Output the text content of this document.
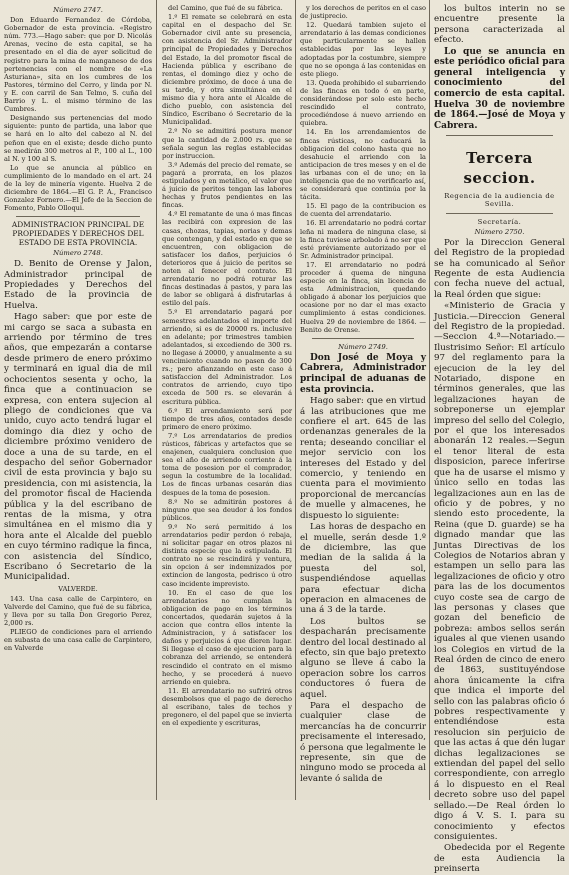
Número 2747.

Don Eduardo Fernandez de Córdoba, Gobernador de esta provincia. «Registro núm. 773.—Hago saber: que por D. Nicolás Arenas, vecino de esta capital, se ha presentado en el dia de ayer solicitud de registro para la mina de manganeso de dos pertenencias con el nombre de «La Asturiana», sita en los cumbres de los Pastores, término del Cerro, y linda por N. y E. con carril de San Telmo, S. cuña del Barrio y L. el mismo término de las Cumbres.

Designando sus pertenencias del modo siguiente: punto de partida, una labor que se hará en lo alto del cabezo al N. del peñon que en el existe; desde dicho punto se medirán 300 metros al P., 100 al L., 100 al N. y 100 al S.

Lo que se anuncia al público en cumplimiento de lo mandado en el art. 24 de la ley de minería vigente. Huelva 2 de diciembre de 1864.—El G. P. A., Francisco Gonzalez Fornero.—El Jefe de la Seccion de Fomento, Pablo Olloqui.

ADMINISTRACION PRINCIPAL DE PROPIEDADES Y DERECHOS DEL ESTADO DE ESTA PROVINCIA.
Número 2748.

D. Benito de Orense y Jalon, Administrador principal de Propiedades y Derechos del Estado de la provincia de Huelva.

Hago saber: que por este de mi cargo se saca a subasta en arriendo por término de tres años, que empezarán a contarse desde primero de enero próximo y terminará en igual dia de mil ochocientos sesenta y ocho, la finca que a continuacion se expresa, con entera sujecion al pliego de condiciones que va unido, cuyo acto tendrá lugar el domingo dia diez y ocho de diciembre próximo venidero de doce a una de su tarde, en el despacho del señor Gobernador civil de esta provincia y bajo su presidencia, con mi asistencia, la del promotor fiscal de Hacienda pública y la del escribano de rentas de la misma, y otra simultánea en el mismo dia y hora ante el Alcalde del pueblo en cuyo término radique la finca, con asistencia del Síndico, Escribano ó Secretario de la Municipalidad.

VALVERDE.

143. Una casa calle de Carpintero, en Valverde del Camino, que fué de su fábrica, y lleva por su talla Don Gregorio Perez, 2,000 rs.

PLIEGO de condiciones para el arriendo en subasta de una casa calle de Carpintero, en Valverde

del Camino, que fué de su fábrica.

1.º El remate se celebrará en esta capital en el despacho del Sr. Gobernador civil ante su presencia, con asistencia del Sr. Administrador principal de Propiedades y Derechos del Estado, la del promotor fiscal de Hacienda pública y escribano de rentas, el domingo diez y ocho de diciembre próximo, de doce á una de su tarde, y otra simultánea en el mismo dia y hora ante el Alcalde de dicho pueblo, con asistencia del Síndico, Escribano ó Secretario de la Municipalidad.

2.º No se admitirá postura menor que la cantidad de 2.000 rs. que se señala segun las reglas establecidas por instruccion.

3.º Además del precio del remate, se pagará a prorrata, en los plazos estipulados y en metálico, el valor que á juicio de peritos tengan las labores hechas y frutos pendientes en las fincas.

4.º El rematante de una ó mas fincas las recibirá con expresion de las casas, chozas, tapias, norias y demas que contengan, y del estado en que se encuentren, con obligacion de satisfacer los daños, perjuicios ó deterioros que á juicio de peritos se noten al fenecer el contrato. El arrendatario no podrá roturar las fincas destinadas á pastos, y para las de labor se obligará á disfrutarlas á estilo del país.

5.º El arrendatario pagará por semestres adelantados el importe del arriendo, si es de 20000 rs. inclusive en adelante; por trimestres tambien adelantados, si excediendo de 300 rs. no llegase á 20000, y anualmente a su vencimiento cuando no pasen de 300 rs.; pero afianzando en este caso á satisfaccion del Administrador. Los contratos de arriendo, cuyo tipo exceda de 500 rs. se elevarán á escritura pública.

6.º El arrendamiento será por tiempo de tres años, contados desde primero de enero próximo.

7.º Los arrendatarios de predios rústicos, fábricas y artefactos que se enajenen, cualquiera conclusion que sea el año de arriendo corriente á la toma de posesion por el comprador, segun la costumbre de la localidad. Los de fincas urbanas cesarán dias despues de la toma de posesion.

8.º No se admitirán postores á ninguno que sea deudor á los fondos públicos.

9.º No será permitido á los arrendatarios pedir perdon ó rebaja, ni solicitar pagar en otros plazos ni distinta especie que la estipulada. El contrato no se rescindirá y ventura, sin opcion á ser indemnizados por extincion de langosta, pedrisco ú otro caso incidente imprevisto.

10. En el caso de que los arrendatarios no cumplan la obligacion de pago en los términos concertados, quedarán sujetos á la accion que contra ellos intente la Administracion, y á satisfacer los daños y perjuicios á que dieren lugar. Si llegase el caso de ejecucion para la cobranza del arriendo, se entenderá rescindido el contrato en el mismo hecho, y se procederá á nuevo arriendo en quiebra.

11. El arrendatario no sufrirá otros desembolsos que el pago de derecho al escribano, tales de techos y pregonero, el del papel que se invierta en el expediente y escrituras,

y los derechos de peritos en el caso de justiprecio.

12. Quedará tambien sujeto el arrendatario á las demas condiciones que particularmente se hallen establecidas por las leyes y adoptadas por la costumbre, siempre que no se oponga á las contenidas en este pliego.

13. Queda prohibido el subarriendo de las fincas en todo ó en parte, considerándose por solo este hecho rescindido el contrato, procediéndose á nuevo arriendo en quiebra.

14. En los arrendamientos de fincas rústicas, no caducará la obligacion del colono hasta que no desahucie el arriendo con la anticipacion de tres meses y en el de las urbanas con el de uno; en la inteligencia que de no verificarlo así, se considerará que continúa por la tácita.

15. El pago de la contribucion es de cuenta del arrendatario.

16. El arrendatario no podrá cortar leña ni madera de ninguna clase, si la finca tuviese arbolado á no ser que esté préviamente autorizado por el Sr. Administrador principal.

17. El arrendatario no podrá proceder á quema de ninguna especie en la finca, sin licencia de esta Administracion, quedando obligado á abonar los perjuicios que ocasione por no dar el mas exacto cumplimiento á estas condiciones. Huelva 29 de noviembre de 1864. —Benito de Orense.

Número 2749.

Don José de Moya y Cabrera, Administrador principal de aduanas de esta provincia.

Hago saber: que en virtud á las atribuciones que me confiere el art. 645 de las ordenanzas generales de la renta; deseando conciliar el mejor servicio con los intereses del Estado y del comercio, y teniendo en cuenta para el movimiento proporcional de mercancías de muelle y almacenes, he dispuesto lo siguiente:

Las horas de despacho en el muelle, serán desde 1.º de diciembre, las que median de la salida á la puesta del sol, suspendiéndose aquellas para efectuar dicha operacion en almacenes de una á 3 de la tarde.

Los bultos se despacharán precisamente dentro del local destinado al efecto, sin que bajo pretexto alguno se lleve á cabo la operacion sobre los carros conductores ó fuera de aquel.

Para el despacho de cualquier clase de mercancías ha de concurrir precisamente el interesado, ó persona que legalmente le represente, sin que de ninguno modo se proceda al levante ó salida de

los bultos interin no se encuentre presente la persona caracterizada al efecto.

Lo que se anuncia en este periódico oficial para general inteligencia y conocimiento del comercio de esta capital. Huelva 30 de noviembre de 1864.—José de Moya y Cabrera.

Tercera seccion.
Regencia de la audiencia de Sevilla.
Secretaría.
Número 2750.

Por la Direccion General del Registro de la propiedad se ha comunicado al Señor Regente de esta Audiencia con fecha nueve del actual, la Real órden que sigue:

«Ministerio de Gracia y Justicia.—Direccion General del Registro de la propiedad.—Seccion 4.ª—Notariado.—Ilustrisimo Señor: El artículo 97 del reglamento para la ejecucion de la ley del Notariado, dispone en términos generales, que las legalizaciones hayan de sobreponerse un ejemplar impreso del sello del Colegio, por el que los interesados abonarán 12 reales.—Segun el tenor literal de esta disposicion, parece inferirse que ha de usarse el mismo y único sello en todas las legalizaciones aun en las de oficio y de pobres, y no siendo esto procedente, la Reina (que D. guarde) se ha dignado mandar que las Juntas Directivas de los Colegios de Notarios abran y estampen un sello para las legalizaciones de oficio y otro para las de los documentos cuyo coste sea de cargo de las personas y clases que gozan del beneficio de pobreza: ambos sellos serán iguales al que vienen usando los Colegios en virtud de la Real órden de cinco de enero de 1863, sustituyéndose ahora únicamente la cifra que indica el importe del sello con las palabras oficio ó pobres respectivamente y entendiéndose esta resolucion sin perjuicio de que las actas á que dén lugar dichas legalizaciones se extiendan del papel del sello correspondiente, con arreglo á lo dispuesto en el Real decreto sobre uso del papel sellado.—De Real órden lo digo á V. S. I. para su conocimiento y efectos consiguientes.

Obedecida por el Regente de esta Audiencia la preinserta
